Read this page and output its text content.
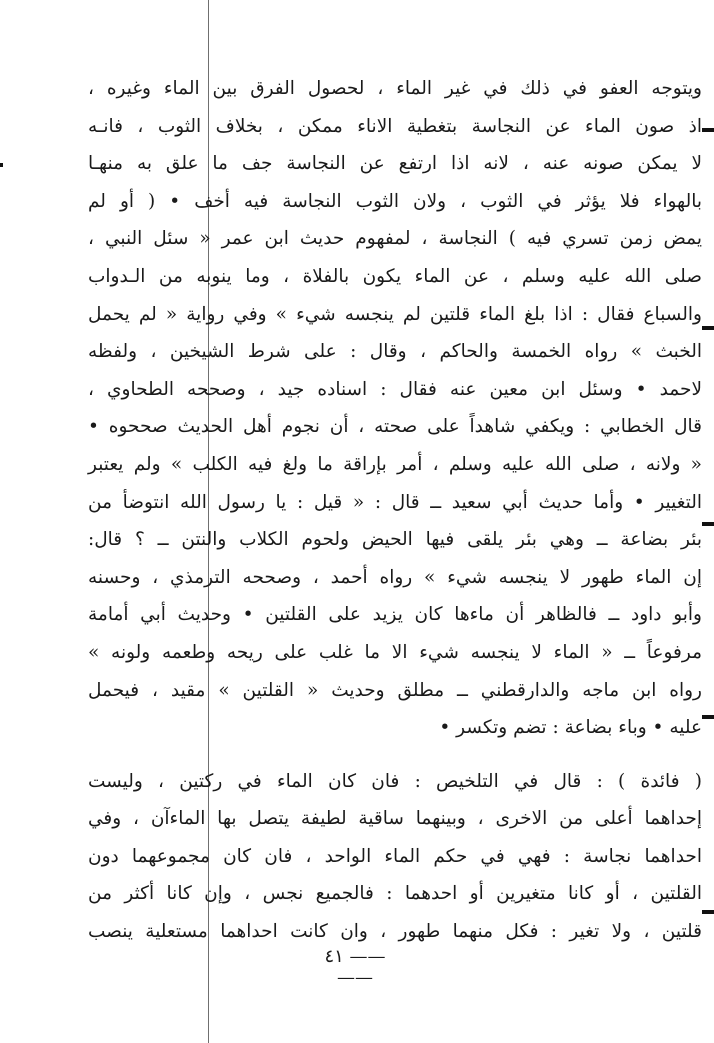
ويتوجه العفو في ذلك في غير الماء ، لحصول الفرق بين الماء وغيره ،
اذ صون الماء عن النجاسة بتغطية الاناء ممكن ، بخلاف الثوب ، فانـه
لا يمكن صونه عنه ، لانه اذا ارتفع عن النجاسة جف ما علق به منهـا
بالهواء فلا يؤثر في الثوب ، ولان الثوب النجاسة فيه أخف • ( أو لم
يمض زمن تسري فيه ) النجاسة ، لمفهوم حديث ابن عمر « سئل النبي ،
صلى الله عليه وسلم ، عن الماء يكون بالفلاة ، وما ينوبه من الـدواب
والسباع فقال : اذا بلغ الماء قلتين لم ينجسه شيء » وفي رواية « لم يحمل
الخبث » رواه الخمسة والحاكم ، وقال : على شرط الشيخين ، ولفظه
لاحمد • وسئل ابن معين عنه فقال : اسناده جيد ، وصححه الطحاوي ،
قال الخطابي : ويكفي شاهداً على صحته ، أن نجوم أهل الحديث صححوه •
« ولانه ، صلى الله عليه وسلم ، أمر بإراقة ما ولغ فيه الكلب » ولم يعتبر
التغيير • وأما حديث أبي سعيد ــ قال : « قيل : يا رسول الله انتوضأ من
بئر بضاعة ــ وهي بئر يلقى فيها الحيض ولحوم الكلاب والنتن ــ ؟ قال:
إن الماء طهور لا ينجسه شيء » رواه أحمد ، وصححه الترمذي ، وحسنه
وأبو داود ــ فالظاهر أن ماءها كان يزيد على القلتين • وحديث أبي أمامة
مرفوعاً ــ « الماء لا ينجسه شيء الا ما غلب على ريحه وطعمه ولونه »
رواه ابن ماجه والدارقطني ــ مطلق وحديث « القلتين » مقيد ، فيحمل
عليه • وباء بضاعة : تضم وتكسر •
( فائدة ) : قال في التلخيص : فان كان الماء في ركتين ، وليست
إحداهما أعلى من الاخرى ، وبينهما ساقية لطيفة يتصل بها الماءآن ، وفي
احداهما نجاسة : فهي في حكم الماء الواحد ، فان كان مجموعهما دون
القلتين ، أو كانا متغيرين أو احدهما : فالجميع نجس ، وإن كانا أكثر من
قلتين ، ولا تغير : فكل منهما طهور ، وان كانت احداهما مستعلية ينصب
—— ٤١ ——
